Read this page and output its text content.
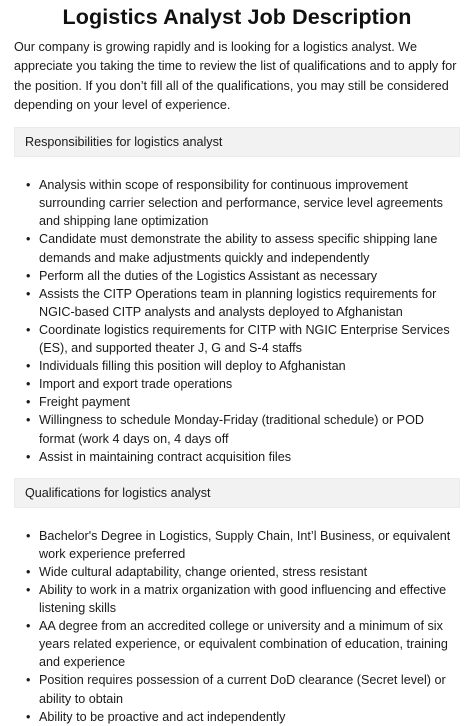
Logistics Analyst Job Description

Our company is growing rapidly and is looking for a logistics analyst. We appreciate you taking the time to review the list of qualifications and to apply for the position. If you don’t fill all of the qualifications, you may still be considered depending on your level of experience.

Responsibilities for logistics analyst
• Analysis within scope of responsibility for continuous improvement surrounding carrier selection and performance, service level agreements and shipping lane optimization
• Candidate must demonstrate the ability to assess specific shipping lane demands and make adjustments quickly and independently
• Perform all the duties of the Logistics Assistant as necessary
• Assists the CITP Operations team in planning logistics requirements for NGIC-based CITP analysts and analysts deployed to Afghanistan
• Coordinate logistics requirements for CITP with NGIC Enterprise Services (ES), and supported theater J, G and S-4 staffs
• Individuals filling this position will deploy to Afghanistan
• Import and export trade operations
• Freight payment
• Willingness to schedule Monday-Friday (traditional schedule) or POD format (work 4 days on, 4 days off
• Assist in maintaining contract acquisition files
Qualifications for logistics analyst
• Bachelor's Degree in Logistics, Supply Chain, Int’l Business, or equivalent work experience preferred
• Wide cultural adaptability, change oriented, stress resistant
• Ability to work in a matrix organization with good influencing and effective listening skills
• AA degree from an accredited college or university and a minimum of six years related experience, or equivalent combination of education, training and experience
• Position requires possession of a current DoD clearance (Secret level) or ability to obtain
• Ability to be proactive and act independently
